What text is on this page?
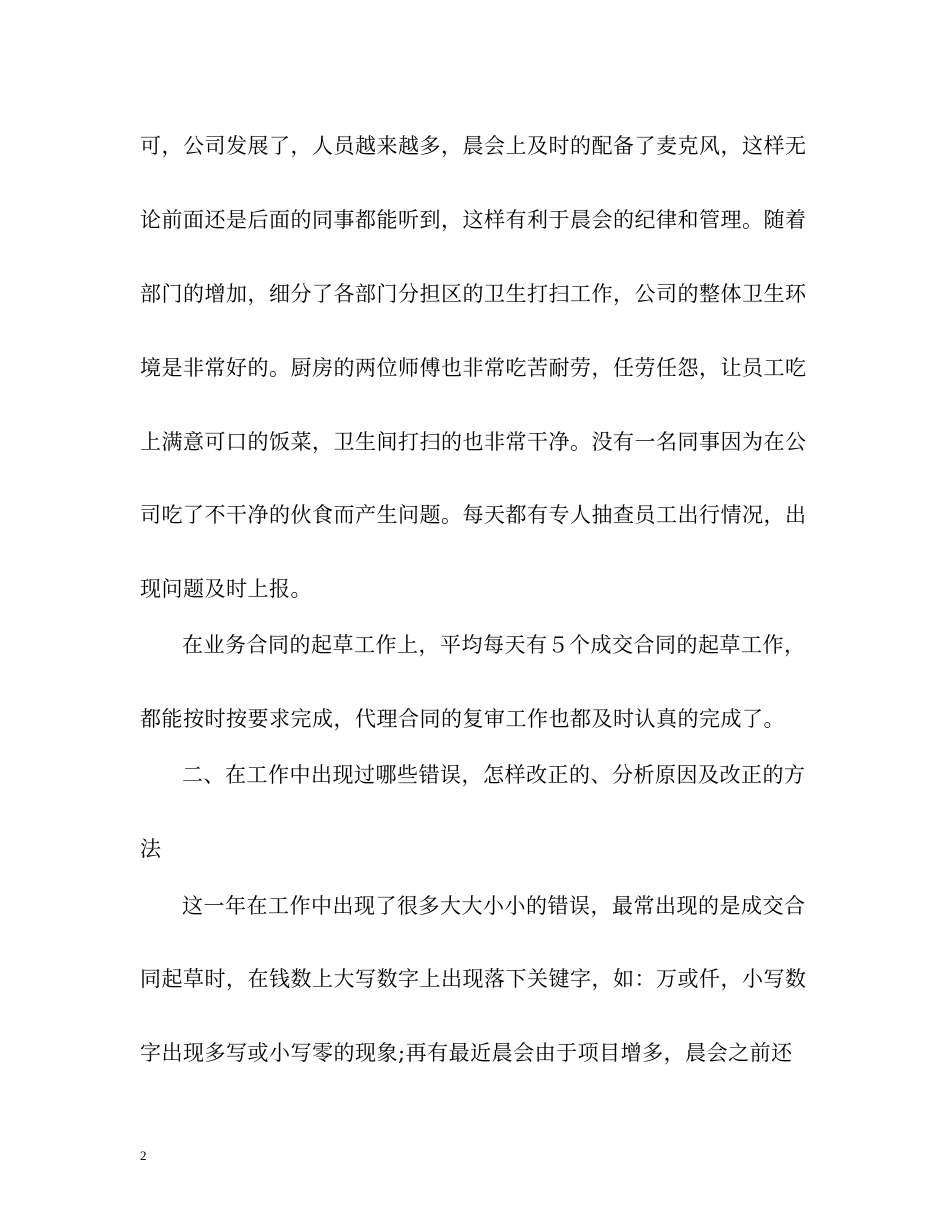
可，公司发展了，人员越来越多，晨会上及时的配备了麦克风，这样无
论前面还是后面的同事都能听到，这样有利于晨会的纪律和管理。随着
部门的增加，细分了各部门分担区的卫生打扫工作，公司的整体卫生环
境是非常好的。厨房的两位师傅也非常吃苦耐劳，任劳任怨，让员工吃
上满意可口的饭菜，卫生间打扫的也非常干净。没有一名同事因为在公
司吃了不干净的伙食而产生问题。每天都有专人抽查员工出行情况，出
现问题及时上报。
在业务合同的起草工作上，平均每天有５个成交合同的起草工作，
都能按时按要求完成，代理合同的复审工作也都及时认真的完成了。
二、在工作中出现过哪些错误，怎样改正的、分析原因及改正的方
法
这一年在工作中出现了很多大大小小的错误，最常出现的是成交合
同起草时，在钱数上大写数字上出现落下关键字，如：万或仟，小写数
字出现多写或小写零的现象;再有最近晨会由于项目增多，晨会之前还
2
